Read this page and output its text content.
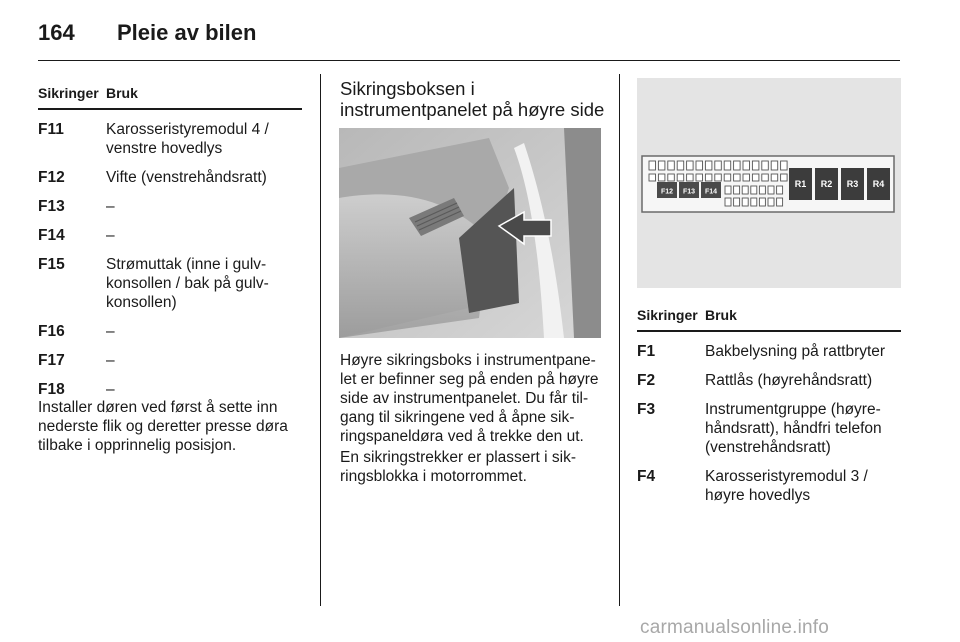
164 Pleie av bilen
Sikringer Bruk
F11	Karosseristyremodul 4 /
venstre hovedlys
F12	Vifte (venstrehåndsratt)
F13	–
F14	–
F15	Strømuttak (inne i gulv-
konsollen / bak på gulv-
konsollen)
F16	–
F17	–
F18	–
Installer døren ved først å sette inn
nederste flik og deretter presse døra
tilbake i opprinnelig posisjon.
Sikringsboksen i
instrumentpanelet på høyre side
Høyre sikringsboks i instrumentpane-
let er befinner seg på enden på høyre
side av instrumentpanelet. Du får til-
gang til sikringene ved å åpne sik-
ringspaneldøra ved å trekke den ut.
En sikringstrekker er plassert i sik-
ringsblokka i motorrommet.
F12 F13 F14
R1 R2 R3 R4
Sikringer Bruk
F1	Bakbelysning på rattbryter
F2	Rattlås (høyrehåndsratt)
F3	Instrumentgruppe (høyre-
håndsratt), håndfri telefon
(venstrehåndsratt)
F4	Karosseristyremodul 3 /
høyre hovedlys
carmanualsonline.info
